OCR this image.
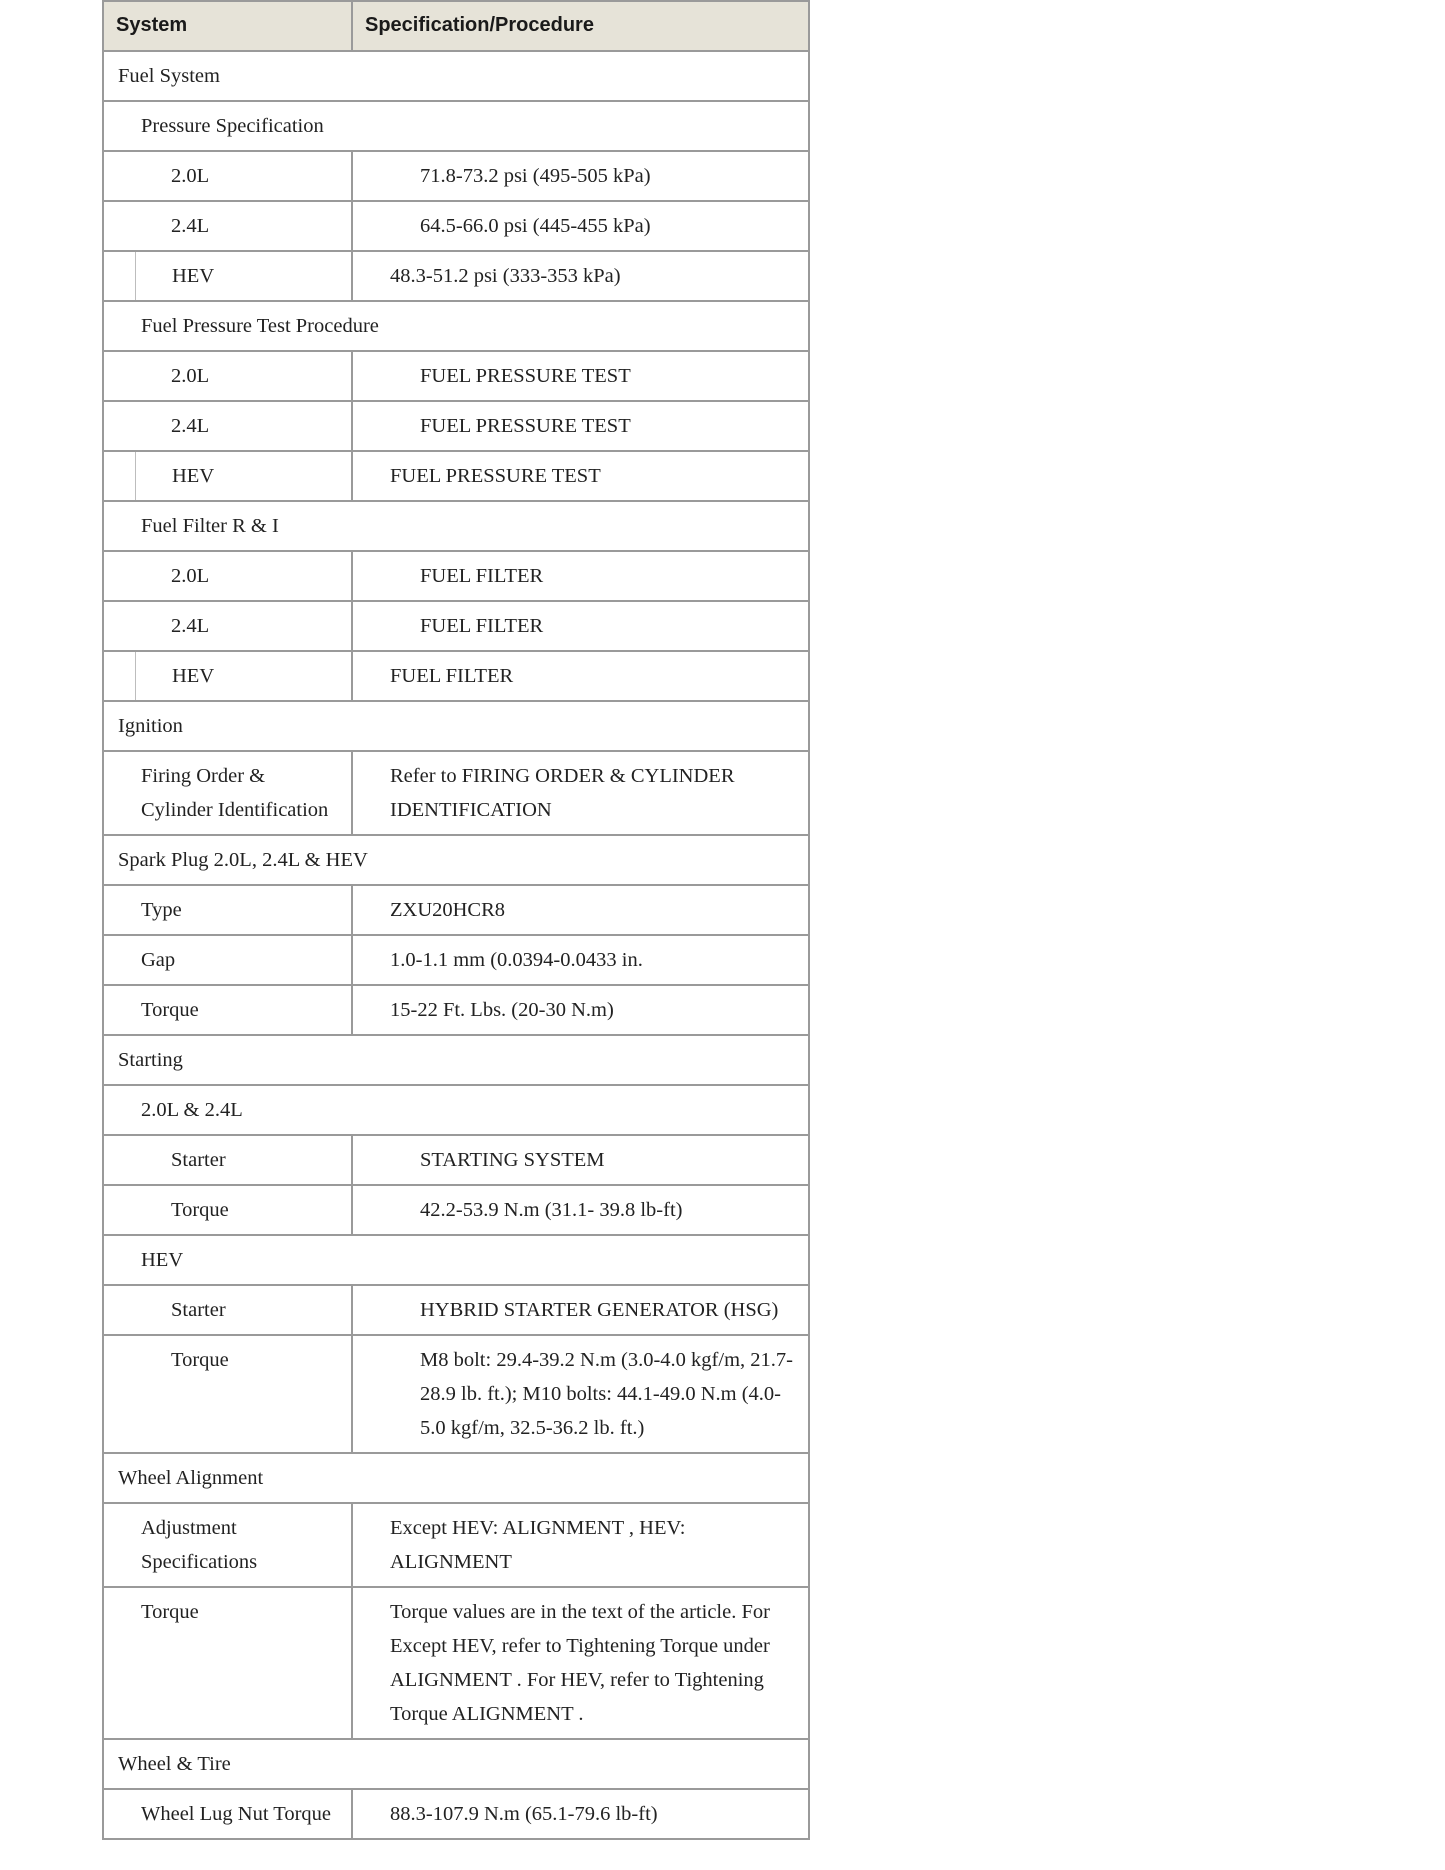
System	Specification/Procedure
Fuel System	
Pressure Specification	
2.0L	71.8-73.2 psi (495-505 kPa)
2.4L	64.5-66.0 psi (445-455 kPa)

HEV	48.3-51.2 psi (333-353 kPa)
Fuel Pressure Test Procedure	
2.0L	FUEL PRESSURE TEST
2.4L	FUEL PRESSURE TEST

HEV	FUEL PRESSURE TEST
Fuel Filter R & I	
2.0L	FUEL FILTER
2.4L	FUEL FILTER

HEV	FUEL FILTER
Ignition	
Firing Order & Cylinder Identification	Refer to FIRING ORDER & CYLINDER IDENTIFICATION
Spark Plug 2.0L, 2.4L & HEV	
Type	ZXU20HCR8
Gap	1.0-1.1 mm (0.0394-0.0433 in.
Torque	15-22 Ft. Lbs. (20-30 N.m)
Starting	
2.0L & 2.4L	
Starter	STARTING SYSTEM
Torque	42.2-53.9 N.m (31.1- 39.8 lb-ft)
HEV	
Starter	HYBRID STARTER GENERATOR (HSG)
Torque	M8 bolt: 29.4-39.2 N.m (3.0-4.0 kgf/m, 21.7-28.9 lb. ft.); M10 bolts: 44.1-49.0 N.m (4.0-5.0 kgf/m, 32.5-36.2 lb. ft.)
Wheel Alignment	
Adjustment Specifications	Except HEV: ALIGNMENT , HEV: ALIGNMENT
Torque	Torque values are in the text of the article. For Except HEV, refer to Tightening Torque under ALIGNMENT . For HEV, refer to Tightening Torque ALIGNMENT .
Wheel & Tire	
Wheel Lug Nut Torque	88.3-107.9 N.m (65.1-79.6 lb-ft)
